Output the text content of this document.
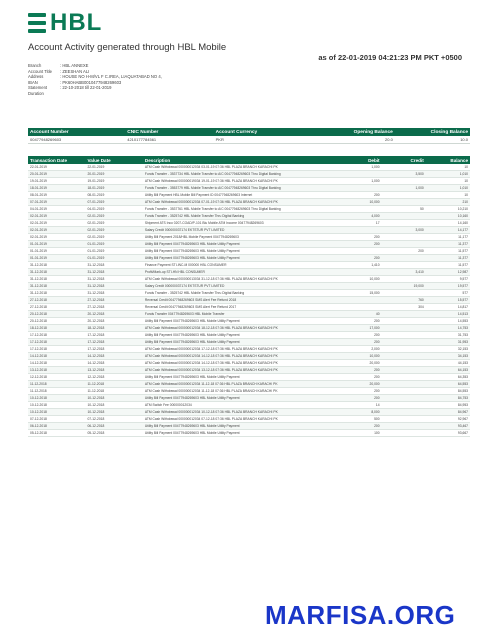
HBL
Account Activity generated through HBL Mobile
as of 22-01-2019 04:21:23 PM PKT +0500
Branch	: HBL ANNEXE
Account Title	: ZEESHAN ALI
Address	: HOUSE NO H-M/VL F C.IREA, LIAQUATABAD NO 4,
IBAN	: PK60HABB0010477948269603
Statement Duration
: 22-10-2018 till 22-01-2019
Account Number	CNIC Number	Account Currency	Opening Balance	Closing Balance
00477948269603	4210177784561	PKR	20.0	10.0
Transaction Date	Value Date	Description	Debit	Credit	Balance
22-01-2019	22-01-2019	ATM Cash Withdrawal 000000012034 03-01-19 07:36 HBL PLAZA BRANCH KARACHI PK	1,000		10
20-01-2019	20-01-2019	Funds Transfer - 3537734 HBL Mobile Transfer to A/C 00477948269603 Thru Digital Banking		3,500	1,010
19-01-2019	19-01-2019	ATM Cash Withdrawal 000000019034 19-01-19 07:36 HBL PLAZA BRANCH KARACHI PK	1,000		10
18-01-2019	18-01-2019	Funds Transfer - 3553779 HBL Mobile Transfer to A/C 00477948269603 Thru Digital Banking		1,000	1,010
08-01-2019	08-01-2019	Utility Bill Payment HBL Mobile Bill Payment ID 00477948269603 Internet	200		10
07-01-2019	07-01-2019	ATM Cash Withdrawal 000000012034 07-01-19 07:36 HBL PLAZA BRANCH KARACHI PK	10,000		210
04-01-2019	04-01-2019	Funds Transfer - 3537761 HBL Mobile Transfer to A/C 00477948269603 Thru Digital Banking		50	10,210
02-01-2019	02-01-2019	Funds Transfer - 3525742 HBL Mobile Transfer Thru Digital Banking	4,000		10,160
02-01-2019	02-01-2019	Shipment ATS Inco 0207-COAD/P-101 Blu Mobile ATM Income 00477948269603	17		14,160
02-01-2019	02-01-2019	Salary Credit 000000037174 EKTSTUR PVT LIMITED		3,000	14,177
02-01-2019	02-01-2019	Utility Bill Payment 2018/HBL Mobile Payment 00477948269603	200		11,177
01-01-2019	01-01-2019	Utility Bill Payment 00477948269603 HBL Mobile Utility Payment	200		11,377
01-01-2019	01-01-2019	Utility Bill Payment 00477948269603 HBL Mobile Utility Payment		200	11,577
01-01-2019	01-01-2019	Utility Bill Payment 00477948269603 HBL Mobile Utility Payment	200		11,377
31-12-2018	31-12-2018	Finance Payment STI-INC-M 000000 HBL CONSUMER	1,410		11,577
31-12-2018	31-12-2018	Profit/Mark-up STI-HN HBL CONSUMER		3,410	12,987
31-12-2018	31-12-2018	ATM Cash Withdrawal 000000013034 31-12-18 07:36 HBL PLAZA BRANCH KARACHI PK	10,000		9,577
31-12-2018	31-12-2018	Salary Credit 000000037174 EKTSTUR PVT LIMITED		19,000	19,577
31-12-2018	31-12-2018	Funds Transfer - 3525742 HBL Mobile Transfer Thru Digital Banking	15,000		577
27-12-2018	27-12-2018	Reversal Credit 00477948269603 SMS Alert Fee Refund 2018		760	15,577
27-12-2018	27-12-2018	Reversal Credit 00477948269603 SMS Alert Fee Refund 2017		304	14,817
20-12-2018	20-12-2018	Funds Transfer 00477948269603 HBL Mobile Transfer	40		14,513
20-12-2018	20-12-2018	Utility Bill Payment 00477948269603 HBL Mobile Utility Payment	200		14,553
18-12-2018	18-12-2018	ATM Cash Withdrawal 000000012034 18-12-18 07:36 HBL PLAZA BRANCH KARACHI PK	17,000		14,753
17-12-2018	17-12-2018	Utility Bill Payment 00477948269603 HBL Mobile Utility Payment	200		31,753
17-12-2018	17-12-2018	Utility Bill Payment 00477948269603 HBL Mobile Utility Payment	200		31,953
17-12-2018	17-12-2018	ATM Cash Withdrawal 000000012034 17-12-18 07:36 HBL PLAZA BRANCH KARACHI PK	2,000		32,153
14-12-2018	14-12-2018	ATM Cash Withdrawal 000000012034 14-12-18 07:36 HBL PLAZA BRANCH KARACHI PK	10,000		34,153
14-12-2018	14-12-2018	ATM Cash Withdrawal 000000012034 14-12-18 07:36 HBL PLAZA BRANCH KARACHI PK	20,000		44,153
13-12-2018	13-12-2018	ATM Cash Withdrawal 000000012034 13-12-18 07:36 HBL PLAZA BRANCH KARACHI PK	200		64,153
12-12-2018	12-12-2018	Utility Bill Payment 00477948269603 HBL Mobile Utility Payment	200		64,353
11-12-2018	11-12-2018	ATM Cash Withdrawal 000000012034 11-12-18 07:36 HBL PLAZA BRANCH KARACHI PK	20,000		64,553
11-12-2018	11-12-2018	ATM Cash Withdrawal 000000012034 11-12-18 07:36 HBL PLAZA BRANCH KARACHI PK	200		84,553
10-12-2018	10-12-2018	Utility Bill Payment 00477948269603 HBL Mobile Utility Payment	200		84,753
10-12-2018	10-12-2018	ATM Switch Fee 000000012034	14		84,953
10-12-2018	10-12-2018	ATM Cash Withdrawal 000000012034 10-12-18 07:36 HBL PLAZA BRANCH KARACHI PK	8,000		84,967
07-12-2018	07-12-2018	ATM Cash Withdrawal 000000012034 07-12-18 07:36 HBL PLAZA BRANCH KARACHI PK	500		92,967
06-12-2018	06-12-2018	Utility Bill Payment 00477948269603 HBL Mobile Utility Payment	200		93,467
05-12-2018	05-12-2018	Utility Bill Payment 00477948269603 HBL Mobile Utility Payment	100		93,667
MARFISA.ORG
